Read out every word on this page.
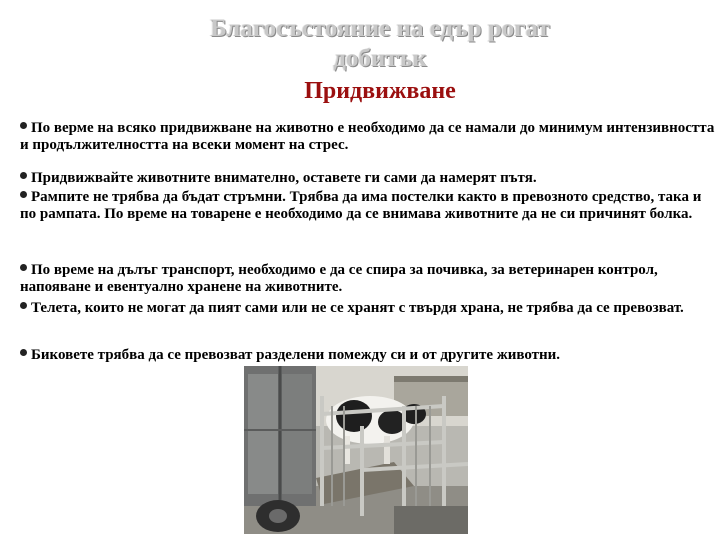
Благосъстояние на едър рогат
добитък
Придвижване
По верме на всяко придвижване на животно е необходимо да се намали до минимум интензивността и продължителността на всеки момент на стрес.
Придвижвайте животните внимателно, оставете ги сами да намерят пътя.
Рампите не трябва да бъдат стръмни. Трябва да има постелки както в превозното средство, така и по рампата. По време на товарене е необходимо да се внимава животните да не си причинят болка.
По време на дълъг транспорт, необходимо е да се спира за почивка, за ветеринарен контрол, напояване и евентуално хранене на животните.
Телета, които не могат да пият сами или не се хранят с твърдя храна, не трябва да се превозват.
Биковете трябва да се превозват разделени помежду си и от другите животни.
